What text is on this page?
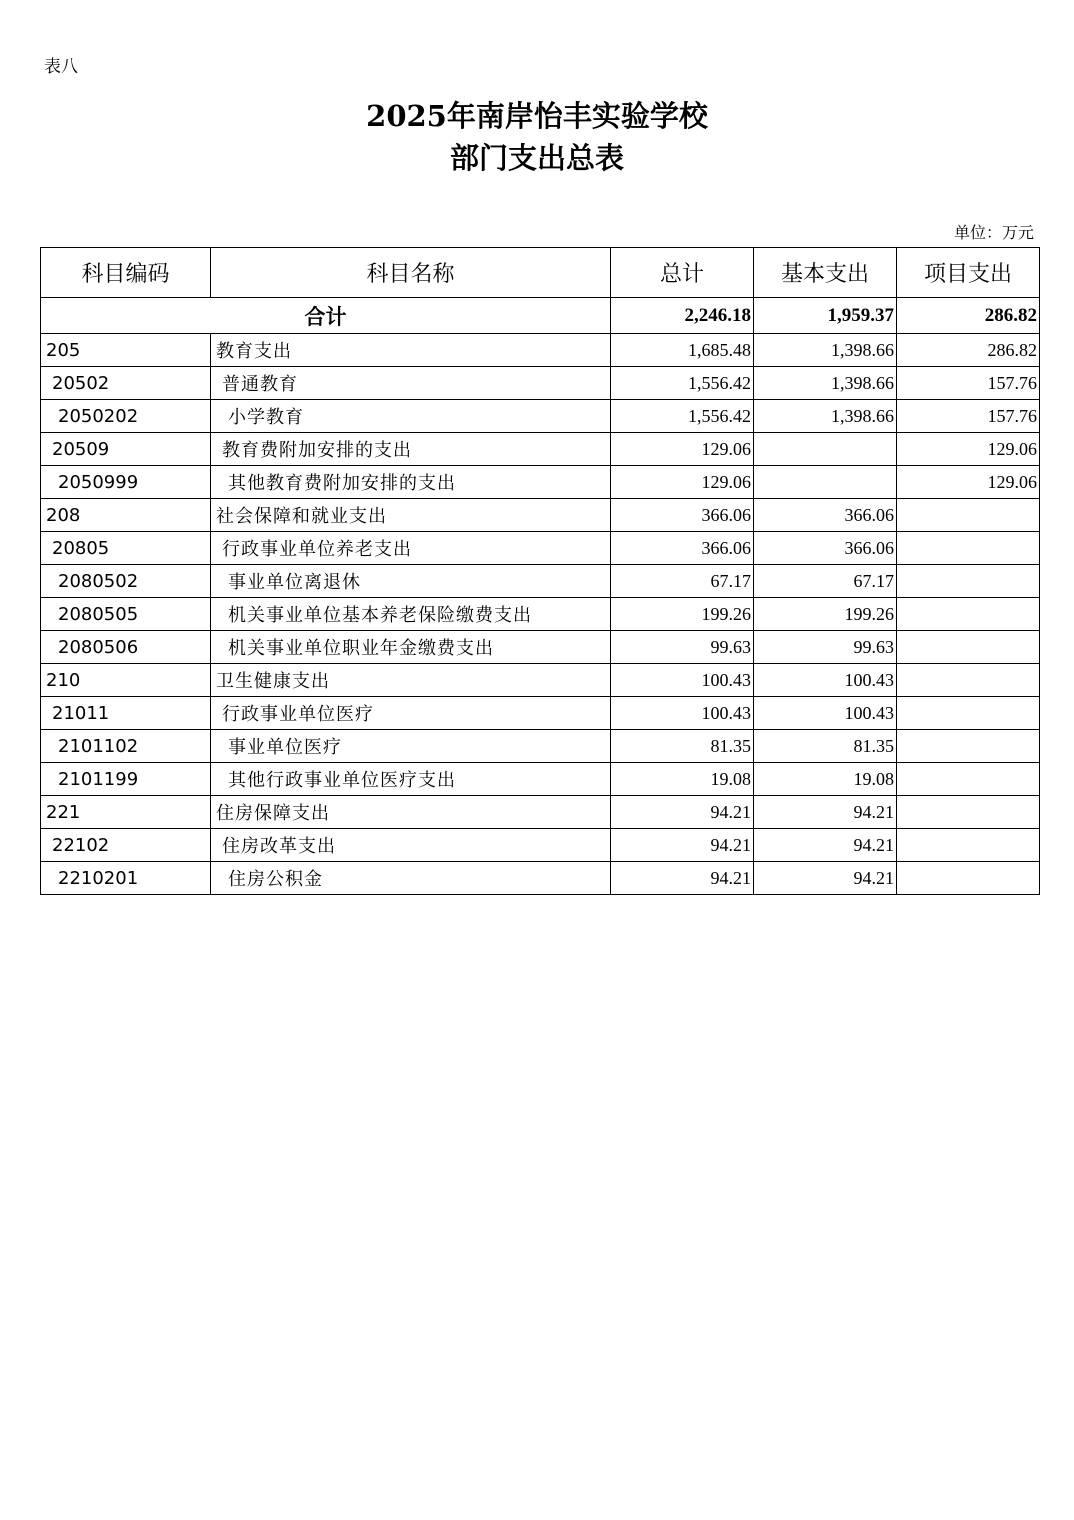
表八
2025年南岸怡丰实验学校
部门支出总表
单位：万元
科目编码	科目名称	总计	基本支出	项目支出
合计		2,246.18	1,959.37	286.82
205	教育支出	1,685.48	1,398.66	286.82
20502	普通教育	1,556.42	1,398.66	157.76
2050202	小学教育	1,556.42	1,398.66	157.76
20509	教育费附加安排的支出	129.06		129.06
2050999	其他教育费附加安排的支出	129.06		129.06
208	社会保障和就业支出	366.06	366.06	
20805	行政事业单位养老支出	366.06	366.06	
2080502	事业单位离退休	67.17	67.17	
2080505	机关事业单位基本养老保险缴费支出	199.26	199.26	
2080506	机关事业单位职业年金缴费支出	99.63	99.63	
210	卫生健康支出	100.43	100.43	
21011	行政事业单位医疗	100.43	100.43	
2101102	事业单位医疗	81.35	81.35	
2101199	其他行政事业单位医疗支出	19.08	19.08	
221	住房保障支出	94.21	94.21	
22102	住房改革支出	94.21	94.21	
2210201	住房公积金	94.21	94.21	
